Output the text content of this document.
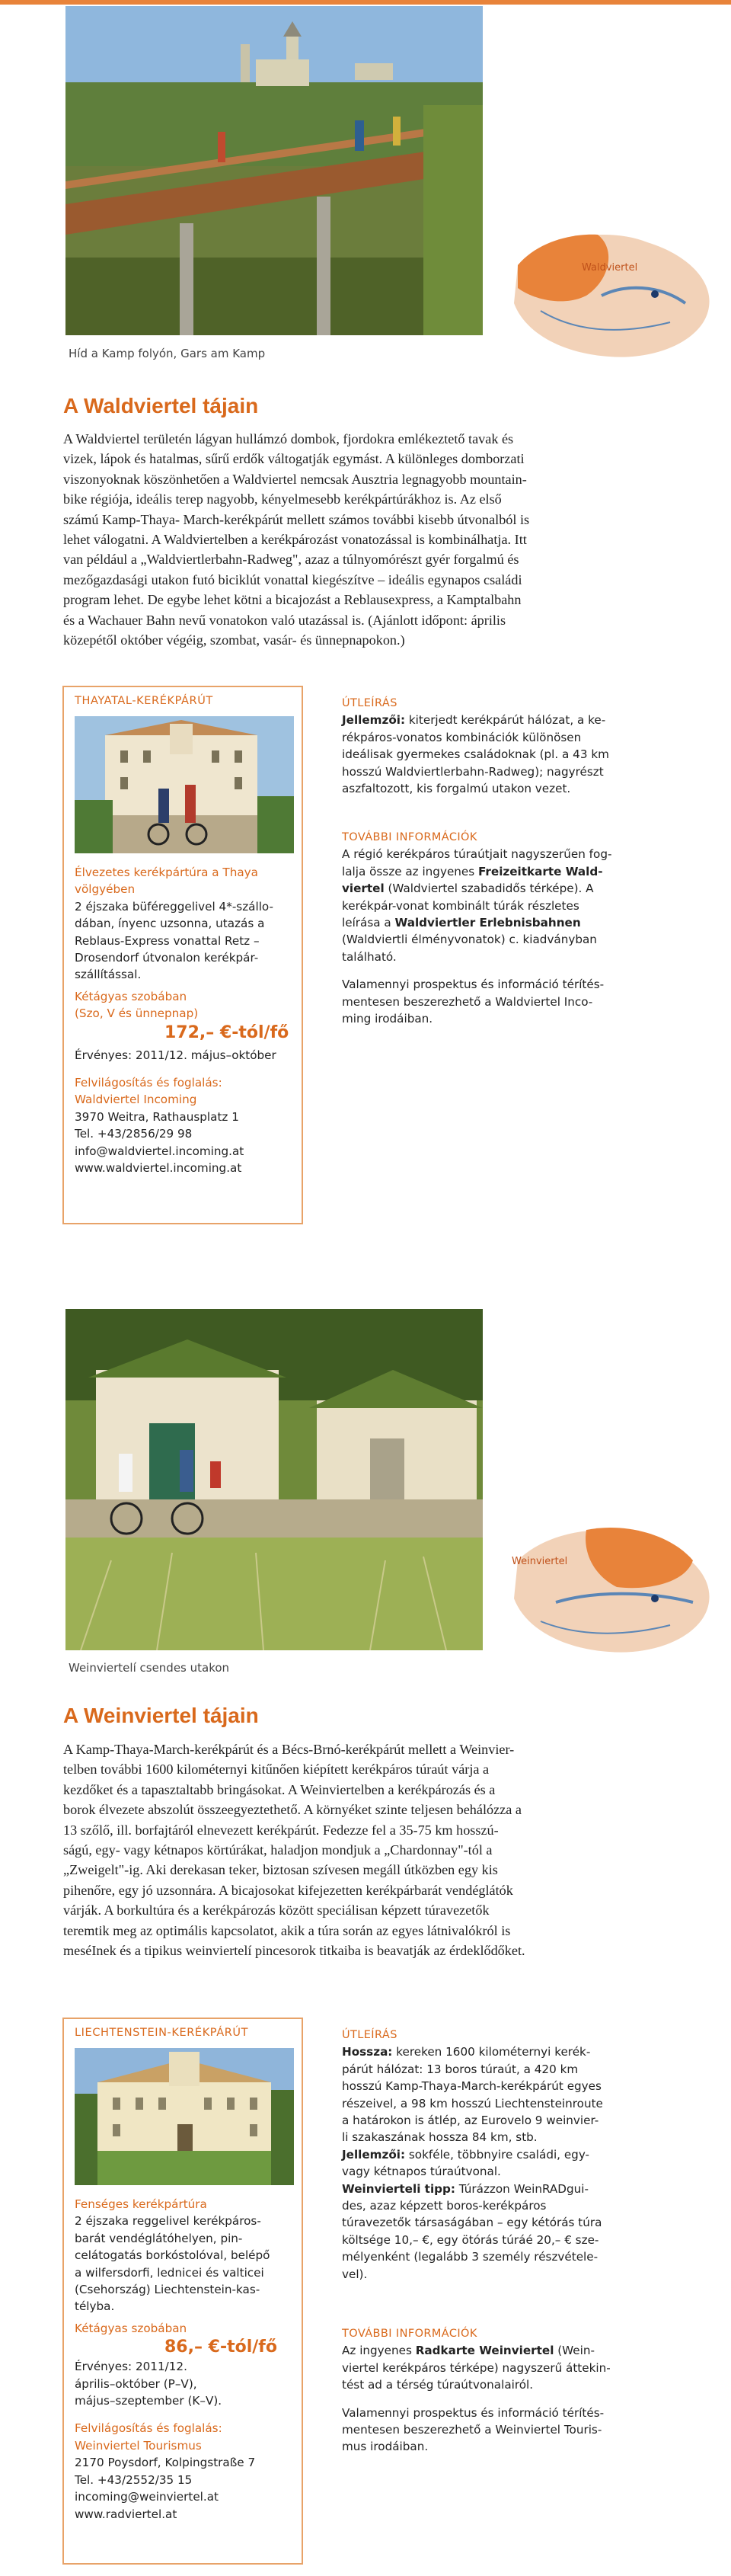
Waldviertel
Híd a Kamp folyón, Gars am Kamp
A Waldviertel tájain

A Waldviertel területén lágyan hullámzó dombok, fjordokra emlékeztető tavak és

vizek, lápok és hatalmas, sűrű erdők váltogatják egymást. A különleges domborzati

viszonyoknak köszönhetően a Waldviertel nemcsak Ausztria legnagyobb mountain-

bike régiója, ideális terep nagyobb, kényelmesebb kerékpártúrákhoz is. Az első

számú Kamp-Thaya- March-kerékpárút mellett számos további kisebb útvonalból is

lehet válogatni. A Waldviertelben a kerékpározást vonatozással is kombinálhatja. Itt

van például a „Waldviertlerbahn-Radweg", azaz a túlnyomórészt gyér forgalmú és

mezőgazdasági utakon futó biciklút vonattal kiegészítve – ideális egynapos családi

program lehet. De egybe lehet kötni a bicajozást a Reblausexpress, a Kamptalbahn

és a Wachauer Bahn nevű vonatokon való utazással is. (Ajánlott időpont: április

közepétől október végéig, szombat, vasár- és ünnepnapokon.)

THAYATAL-KERÉKPÁRÚT
Élvezetes kerékpártúra a Thaya
völgyében
2 éjszaka büféreggelivel 4*-szállo-
dában, ínyenc uzsonna, utazás a
Reblaus-Express vonattal Retz –
Drosendorf útvonalon kerékpár-
szállítással.
Kétágyas szobában
(Szo, V és ünnepnap)
172,– €-tól/fő
Érvényes: 2011/12. május–október
Felvilágosítás és foglalás:
Waldviertel Incoming
3970 Weitra, Rathausplatz 1
Tel. +43/2856/29 98
info@waldviertel.incoming.at
www.waldviertel.incoming.at
ÚTLEÍRÁS
Jellemzői: kiterjedt kerékpárút hálózat, a ke-
rékpáros-vonatos kombinációk különösen
ideálisak gyermekes családoknak (pl. a 43 km
hosszú Waldviertlerbahn-Radweg); nagyrészt
aszfaltozott, kis forgalmú utakon vezet.
TOVÁBBI INFORMÁCIÓK
A régió kerékpáros túraútjait nagyszerűen fog-
lalja össze az ingyenes Freizeitkarte Wald-
viertel (Waldviertel szabadidős térképe). A
kerékpár-vonat kombinált túrák részletes
leírása a Waldviertler Erlebnisbahnen
(Waldviertli élményvonatok) c. kiadványban
található.
Valamennyi prospektus és információ térítés-
mentesen beszerezhető a Waldviertel Inco-
ming irodáiban.
Weinviertel
Weinviertelí csendes utakon
A Weinviertel tájain

A Kamp-Thaya-March-kerékpárút és a Bécs-Brnó-kerékpárút mellett a Weinvier-

telben további 1600 kilométernyi kitűnően kiépített kerékpáros túraút várja a

kezdőket és a tapasztaltabb bringásokat. A Weinviertelben a kerékpározás és a

borok élvezete abszolút összeegyeztethető. A környéket szinte teljesen behálózza a

13 szőlő, ill. borfajtáról elnevezett kerékpárút. Fedezze fel a 35-75 km hosszú-

ságú, egy- vagy kétnapos körtúrákat, haladjon mondjuk a „Chardonnay"-tól a

„Zweigelt"-ig. Aki derekasan teker, biztosan szívesen megáll útközben egy kis

pihenőre, egy jó uzsonnára. A bicajosokat kifejezetten kerékpárbarát vendéglátók

várják. A borkultúra és a kerékpározás között speciálisan képzett túravezetők

teremtik meg az optimális kapcsolatot, akik a túra során az egyes látnivalókról is

meséInek és a tipikus weinviertelí pincesorok titkaiba is beavatják az érdeklődőket.

LIECHTENSTEIN-KERÉKPÁRÚT
Fenséges kerékpártúra
2 éjszaka reggelivel kerékpáros-
barát vendéglátóhelyen, pin-
celátogatás borkóstolóval, belépő
a wilfersdorfi, lednicei és valticei
(Csehország) Liechtenstein-kas-
télyba.
Kétágyas szobában
86,– €-tól/fő
Érvényes: 2011/12.
április–október (P–V),
május–szeptember (K–V).
Felvilágosítás és foglalás:
Weinviertel Tourismus
2170 Poysdorf, Kolpingstraße 7
Tel. +43/2552/35 15
incoming@weinviertel.at
www.radviertel.at
ÚTLEÍRÁS
Hossza: kereken 1600 kilométernyi kerék-
párút hálózat: 13 boros túraút, a 420 km
hosszú Kamp-Thaya-March-kerékpárút egyes
részeivel, a 98 km hosszú Liechtensteinroute
a határokon is átlép, az Eurovelo 9 weinvier-
li szakaszának hossza 84 km, stb.
Jellemzői: sokféle, többnyire családi, egy-
vagy kétnapos túraútvonal.
Weinvierteli tipp: Túrázzon WeinRADgui-
des, azaz képzett boros-kerékpáros
túravezetők társaságában – egy kétórás túra
költsége 10,– €, egy ötórás túráé 20,– € sze-
mélyenként (legalább 3 személy részvétele-
vel).
TOVÁBBI INFORMÁCIÓK
Az ingyenes Radkarte Weinviertel (Wein-
viertel kerékpáros térképe) nagyszerű áttekin-
tést ad a térség túraútvonalairól.
Valamennyi prospektus és információ térítés-
mentesen beszerezhető a Weinviertel Touris-
mus irodáiban.
